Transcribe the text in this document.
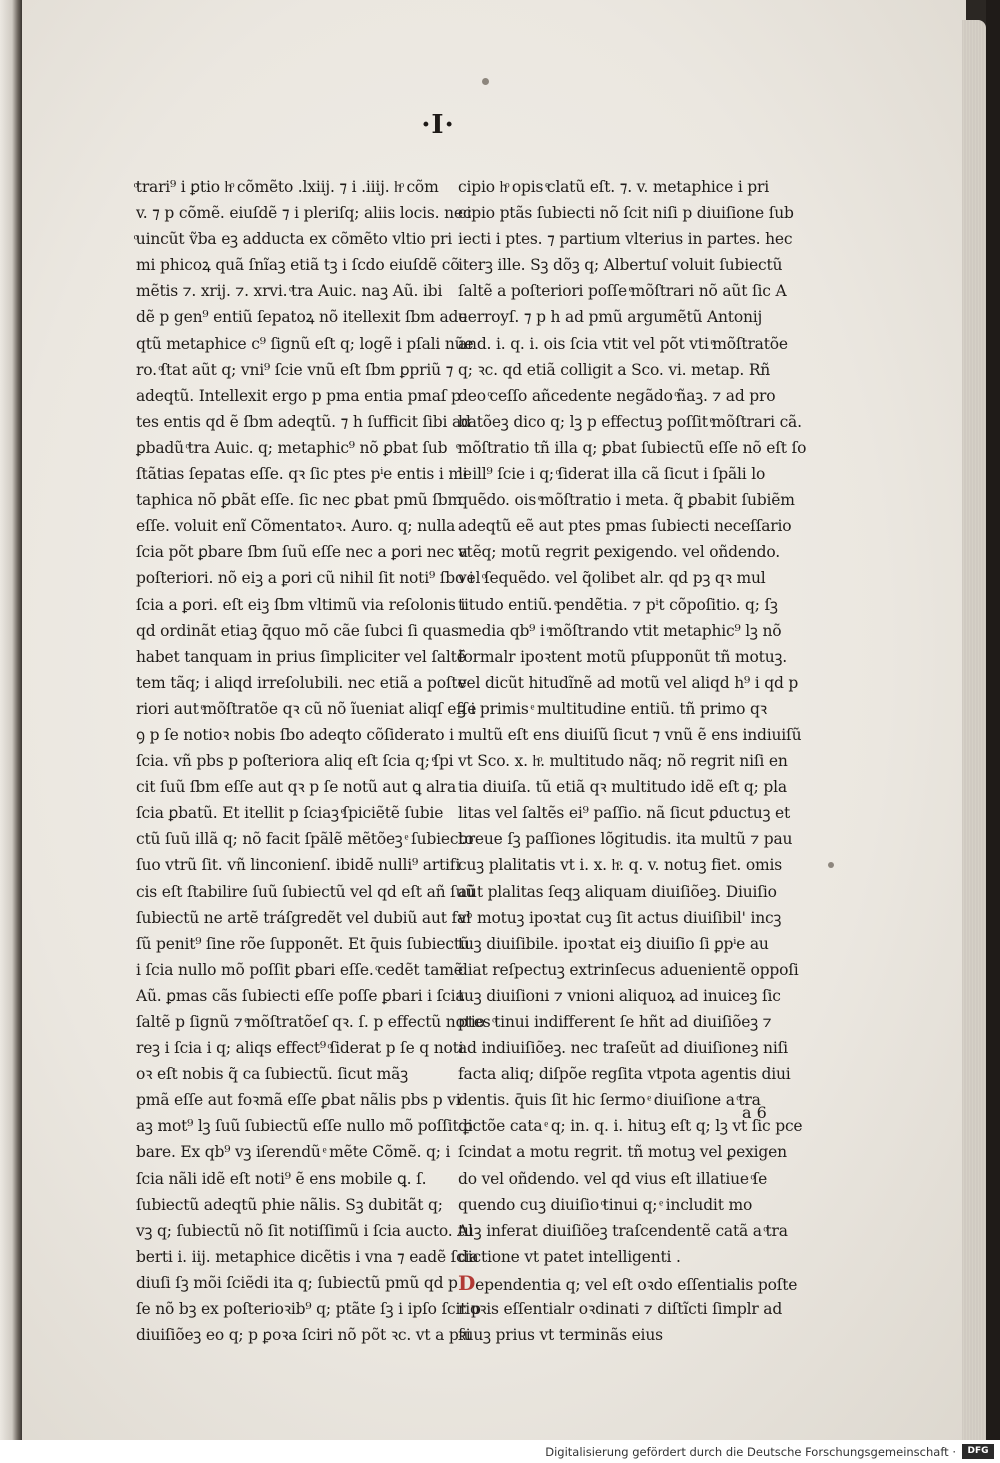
·I·
ͦtrari⁹ i ꝑtio hͦ cõmẽto .lxiij. ⁊ i .iiij. hͦ cõm
v. ⁊ p cõmẽ. eiuſdẽ ⁊ i pleriſq; aliis locis. nec
ͦuincũt ṽba eꝫ adducta ex cõmẽto vltio pri
mi phicoꝝ quã ſnĩaꝫ etiã tꝫ i ſcdo eiuſdẽ cõ
mẽtis ⁊. xrij. ⁊. xrvi. ͦtra Auic. naꝫ Aũ. ibi
dẽ p gen⁹ entiũ ſepatoꝝ nõ itellexit ſbm ade
qtũ metaphice c⁹ ſignũ eſt q; logẽ i pſali nũe
ro. ͦſtat aũt q; vni⁹ ſcie vnũ eſt ſbm ꝑpriũ ⁊
adeqtũ. Intellexit ergo p pma entia pmaſ p
tes entis qd ẽ ſbm adeqtũ. ⁊ h ſufficit ſibi ad
ꝑbadũ ͦtra Auic. q; metaphic⁹ nõ ꝑbat ſub
ſtãtias ſepatas eſſe. qꝛ ſic ptes pⁱe entis i me
taphica nõ ꝑbãt eſſe. ſic nec ꝑbat pmũ ſbm
eſſe. voluit enĩ Cõmentatoꝛ. Auro. q; nulla
ſcia põt ꝑbare ſbm ſuũ eſſe nec a ꝑori nec a
poſteriori. nõ eiꝫ a ꝑori cũ nihil ſit noti⁹ ſbo i
ſcia a ꝑori. eſt eiꝫ ſbm vltimũ via reſolonis i
qd ordinãt etiaꝫ q̄quo mõ cãe ſubci ſi quas
habet tanquam in prius ſimpliciter vel ſaltẽ
tem tãq; i aliqd irreſolubili. nec etiã a poſte
riori aut ͤmõſtratõe qꝛ cũ nõ ĩueniat aliqſ eſſe
ꝯ p ſe notioꝛ nobis ſbo adeqto cõſiderato i
ſcia. vñ pbs p poſteriora aliq eſt ſcia q; ͤſpi
cit ſuũ ſbm eſſe aut qꝛ p ſe notũ aut ꝗ alra
ſcia ꝑbatũ. Et itellit p ſciaꝫ ͤſpiciẽtẽ ſubie
ctũ ſuũ illã q; nõ facit ſpãlẽ mẽtõeꝫ ͤ ſubiecto
ſuo vtrũ ſit. vñ linconienſ. ibidẽ nulli⁹ artifi
cis eſt ſtabilire ſuũ ſubiectũ vel qd eſt añ ſuũ
ſubiectũ ne artẽ tráſgredẽt vel dubiũ aut fal
ſũ penit⁹ ſine rõe ſupponẽt. Et q̄uis ſubiectũ
i ſcia nullo mõ poſſit ꝑbari eſſe. ͦcedẽt tamẽ
Aũ. ꝑmas cãs ſubiecti eſſe poſſe ꝑbari i ſcia
ſaltẽ p ſignũ ⁊ ͤmõſtratõeſ qꝛ. ſ. p effectũ notio
reꝫ i ſcia i q; aliqs effect⁹ ͦſiderat p ſe q noti
oꝛ eſt nobis q̃ ca ſubiectũ. ſicut mãꝫ
pmã eſſe aut foꝛmã eſſe ꝑbat nãlis pbs p vi
aꝫ mot⁹ lꝫ ſuũ ſubiectũ eſſe nullo mõ poſſit ꝑ
bare. Ex qb⁹ vꝫ iſerendũ ͤ mẽte Cõmẽ. q; i
ſcia nãli idẽ eſt noti⁹ ẽ ens mobile ꝗ. ſ.
ſubiectũ adeqtũ phie nãlis. Sꝫ dubitãt q;
vꝫ q; ſubiectũ nõ ſit notiſſimũ i ſcia aucto. Al
berti i. iij. metaphice dicẽtis i vna ⁊ eadẽ ſcia
diuſi ſꝫ mõi ſciẽdi ita q; ſubiectũ pmũ qd p
ſe nõ bꝫ ex poſterioꝛib⁹ q; ptãte ſꝫ i ipſo ſcit p
diuiſiõeꝫ eo q; p ꝑoꝛa ſciri nõ põt ꝛc. vt a pꝛi
cipio hͦ opis ͤclatũ eſt. ⁊. v. metaphice i pri
cipio ptãs ſubiecti nõ ſcit niſi p diuiſione ſub
iecti i ptes. ⁊ partium vlterius in partes. hec
iterꝫ ille. Sꝫ dõꝫ q; Albertuſ voluit ſubiectũ
ſaltẽ a poſteriori poſſe ͤmõſtrari nõ aũt ſic A
uerroyſ. ⁊ p h ad pmũ argumẽtũ Antonij
and. i. q. i. ois ſcia vtit vel põt vti ͤmõſtratõe
q; ꝛc. qd etiã colligit a Sco. vi. metap. Rñ
deo ͦceſſo añcedente negãdo ͦñaꝫ. ⁊ ad pro
batõeꝫ dico q; lꝫ p effectuꝫ poſſit ͤmõſtrari cã.
ͤmõſtratio tñ illa q; ꝑbat ſubiectũ eſſe nõ eſt ſo
li ill⁹ ſcie i q; ͦſiderat illa cã ſicut i ſpãli lo
quẽdo. ois ͤmõſtratio i meta. q̃ ꝑbabit ſubiẽm
adeqtũ eẽ aut ptes pmas ſubiecti neceſſario
vtẽq; motũ regrit ꝑexigendo. vel oñdendo.
vel ͦſequẽdo. vel q̃olibet alr. qd pꝫ qꝛ mul
titudo entiũ. ͤpendẽtia. ⁊ pⁱt cõpoſitio. q; ſꝫ
media qb⁹ i ͤmõſtrando vtit metaphic⁹ lꝫ nõ
formalr ipoꝛtent motũ pſupponũt tñ motuꝫ.
vel dicũt hitudĩnẽ ad motũ vel aliqd h⁹ i qd p
ꝫ i primis ͤ multitudine entiũ. tñ primo qꝛ
multũ eſt ens diuiſũ ſicut ⁊ vnũ ẽ ens indiuiſũ
vt Sco. x. hͦ. multitudo nãq; nõ regrit niſi en
tia diuiſa. tũ etiã qꝛ multitudo idẽ eſt q; pla
litas vel ſaltẽs ei⁹ paſſio. nã ſicut ꝑductuꝫ et
breue ſꝫ paſſiones lõgitudis. ita multũ ⁊ pau
cuꝫ plalitatis vt i. x. hͦ. q. v. notuꝫ fiet. omis
aũt plalitas ſeqꝫ aliquam diuiſiõeꝫ. Diuiſio
vᵒ motuꝫ ipoꝛtat cuꝫ ſit actus diuiſibil' incꝫ
tuꝫ diuiſibile. ipoꝛtat eiꝫ diuiſio ſi ꝑpⁱe au
diat reſpectuꝫ extrinſecus aduenientẽ oppoſi
tuꝫ diuiſioni ⁊ vnioni aliquoꝝ ad inuiceꝫ ſic
ptes ͦtinui indifferent ſe hñt ad diuiſiõeꝫ ⁊
ad indiuiſiõeꝫ. nec traſeũt ad diuiſioneꝫ niſi
facta aliq; diſpõe regſita vtpota agentis diui
dentis. q̄uis ſit hic ſermo ͤ diuiſione a ͦtra
dictõe cata ͤ q; in. q. i. hituꝫ eſt q; lꝫ vt ſic pce
ſcindat a motu regrit. tñ motuꝫ vel ꝑexigen
do vel oñdendo. vel qd vius eſt illatiue ͦſe
quendo cuꝫ diuiſio ͦtinui q; ͤ includit mo
tuꝫ inferat diuiſiõeꝫ traſcendentẽ catã a ͦtra
dictione vt patet intelligenti .
Dependentia q; vel eſt oꝛdo eſſentialis poſte
rioꝛis eſſentialr oꝛdinati ⁊ diſtĩcti ſimplr ad
ſuuꝫ prius vt terminãs eius
a 6
Digitalisierung gefördert durch die Deutsche Forschungsgemeinschaft ·	DFG
